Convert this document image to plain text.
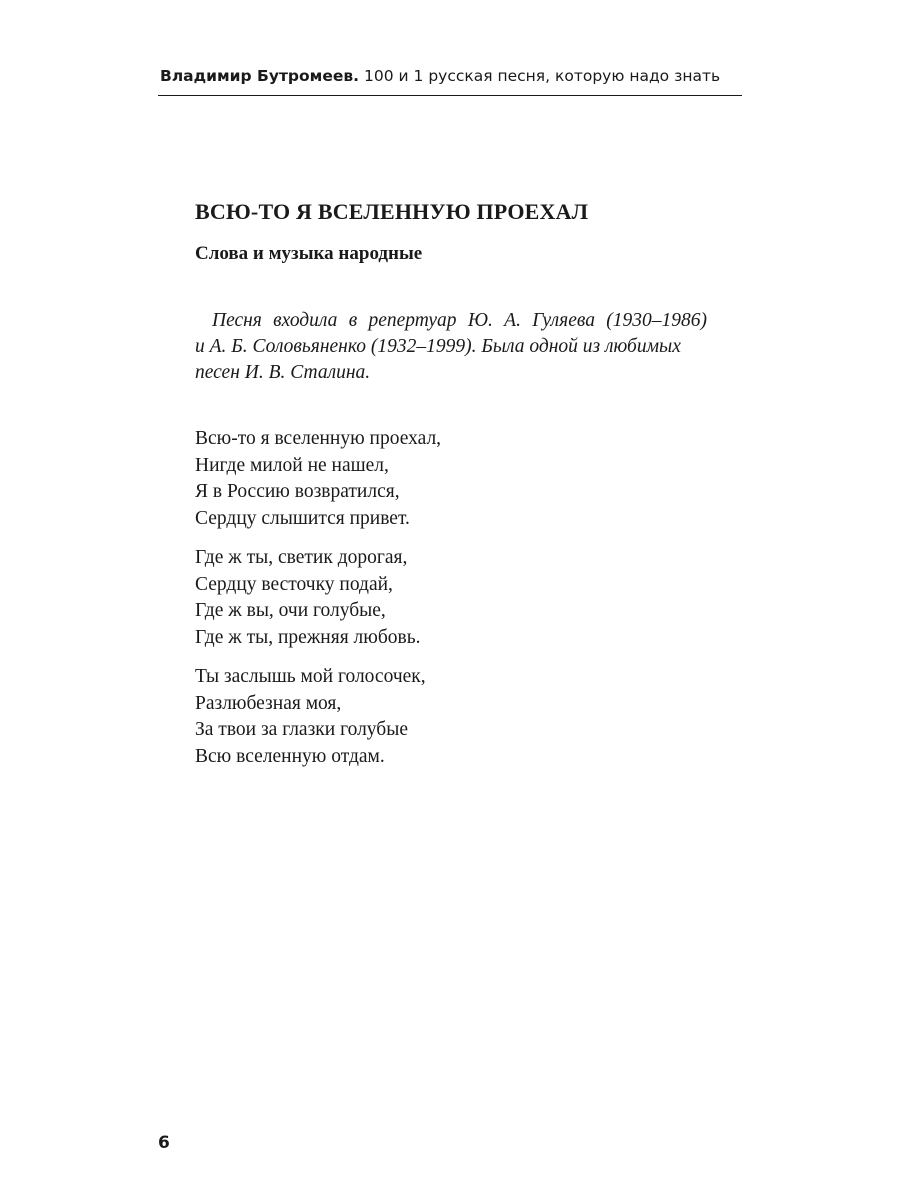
Владимир Бутромеев. 100 и 1 русская песня, которую надо знать
ВСЮ-ТО Я ВСЕЛЕННУЮ ПРОЕХАЛ

Слова и музыка народные

Песня входила в репертуар Ю. А. Гуляева (1930–1986)
и А. Б. Соловьяненко (1932–1999). Была одной из любимых
песен И. В. Сталина.

Всю-то я вселенную проехал,
Нигде милой не нашел,
Я в Россию возвратился,
Сердцу слышится привет.
Где ж ты, светик дорогая,
Сердцу весточку подай,
Где ж вы, очи голубые,
Где ж ты, прежняя любовь.
Ты заслышь мой голосочек,
Разлюбезная моя,
За твои за глазки голубые
Всю вселенную отдам.
6
